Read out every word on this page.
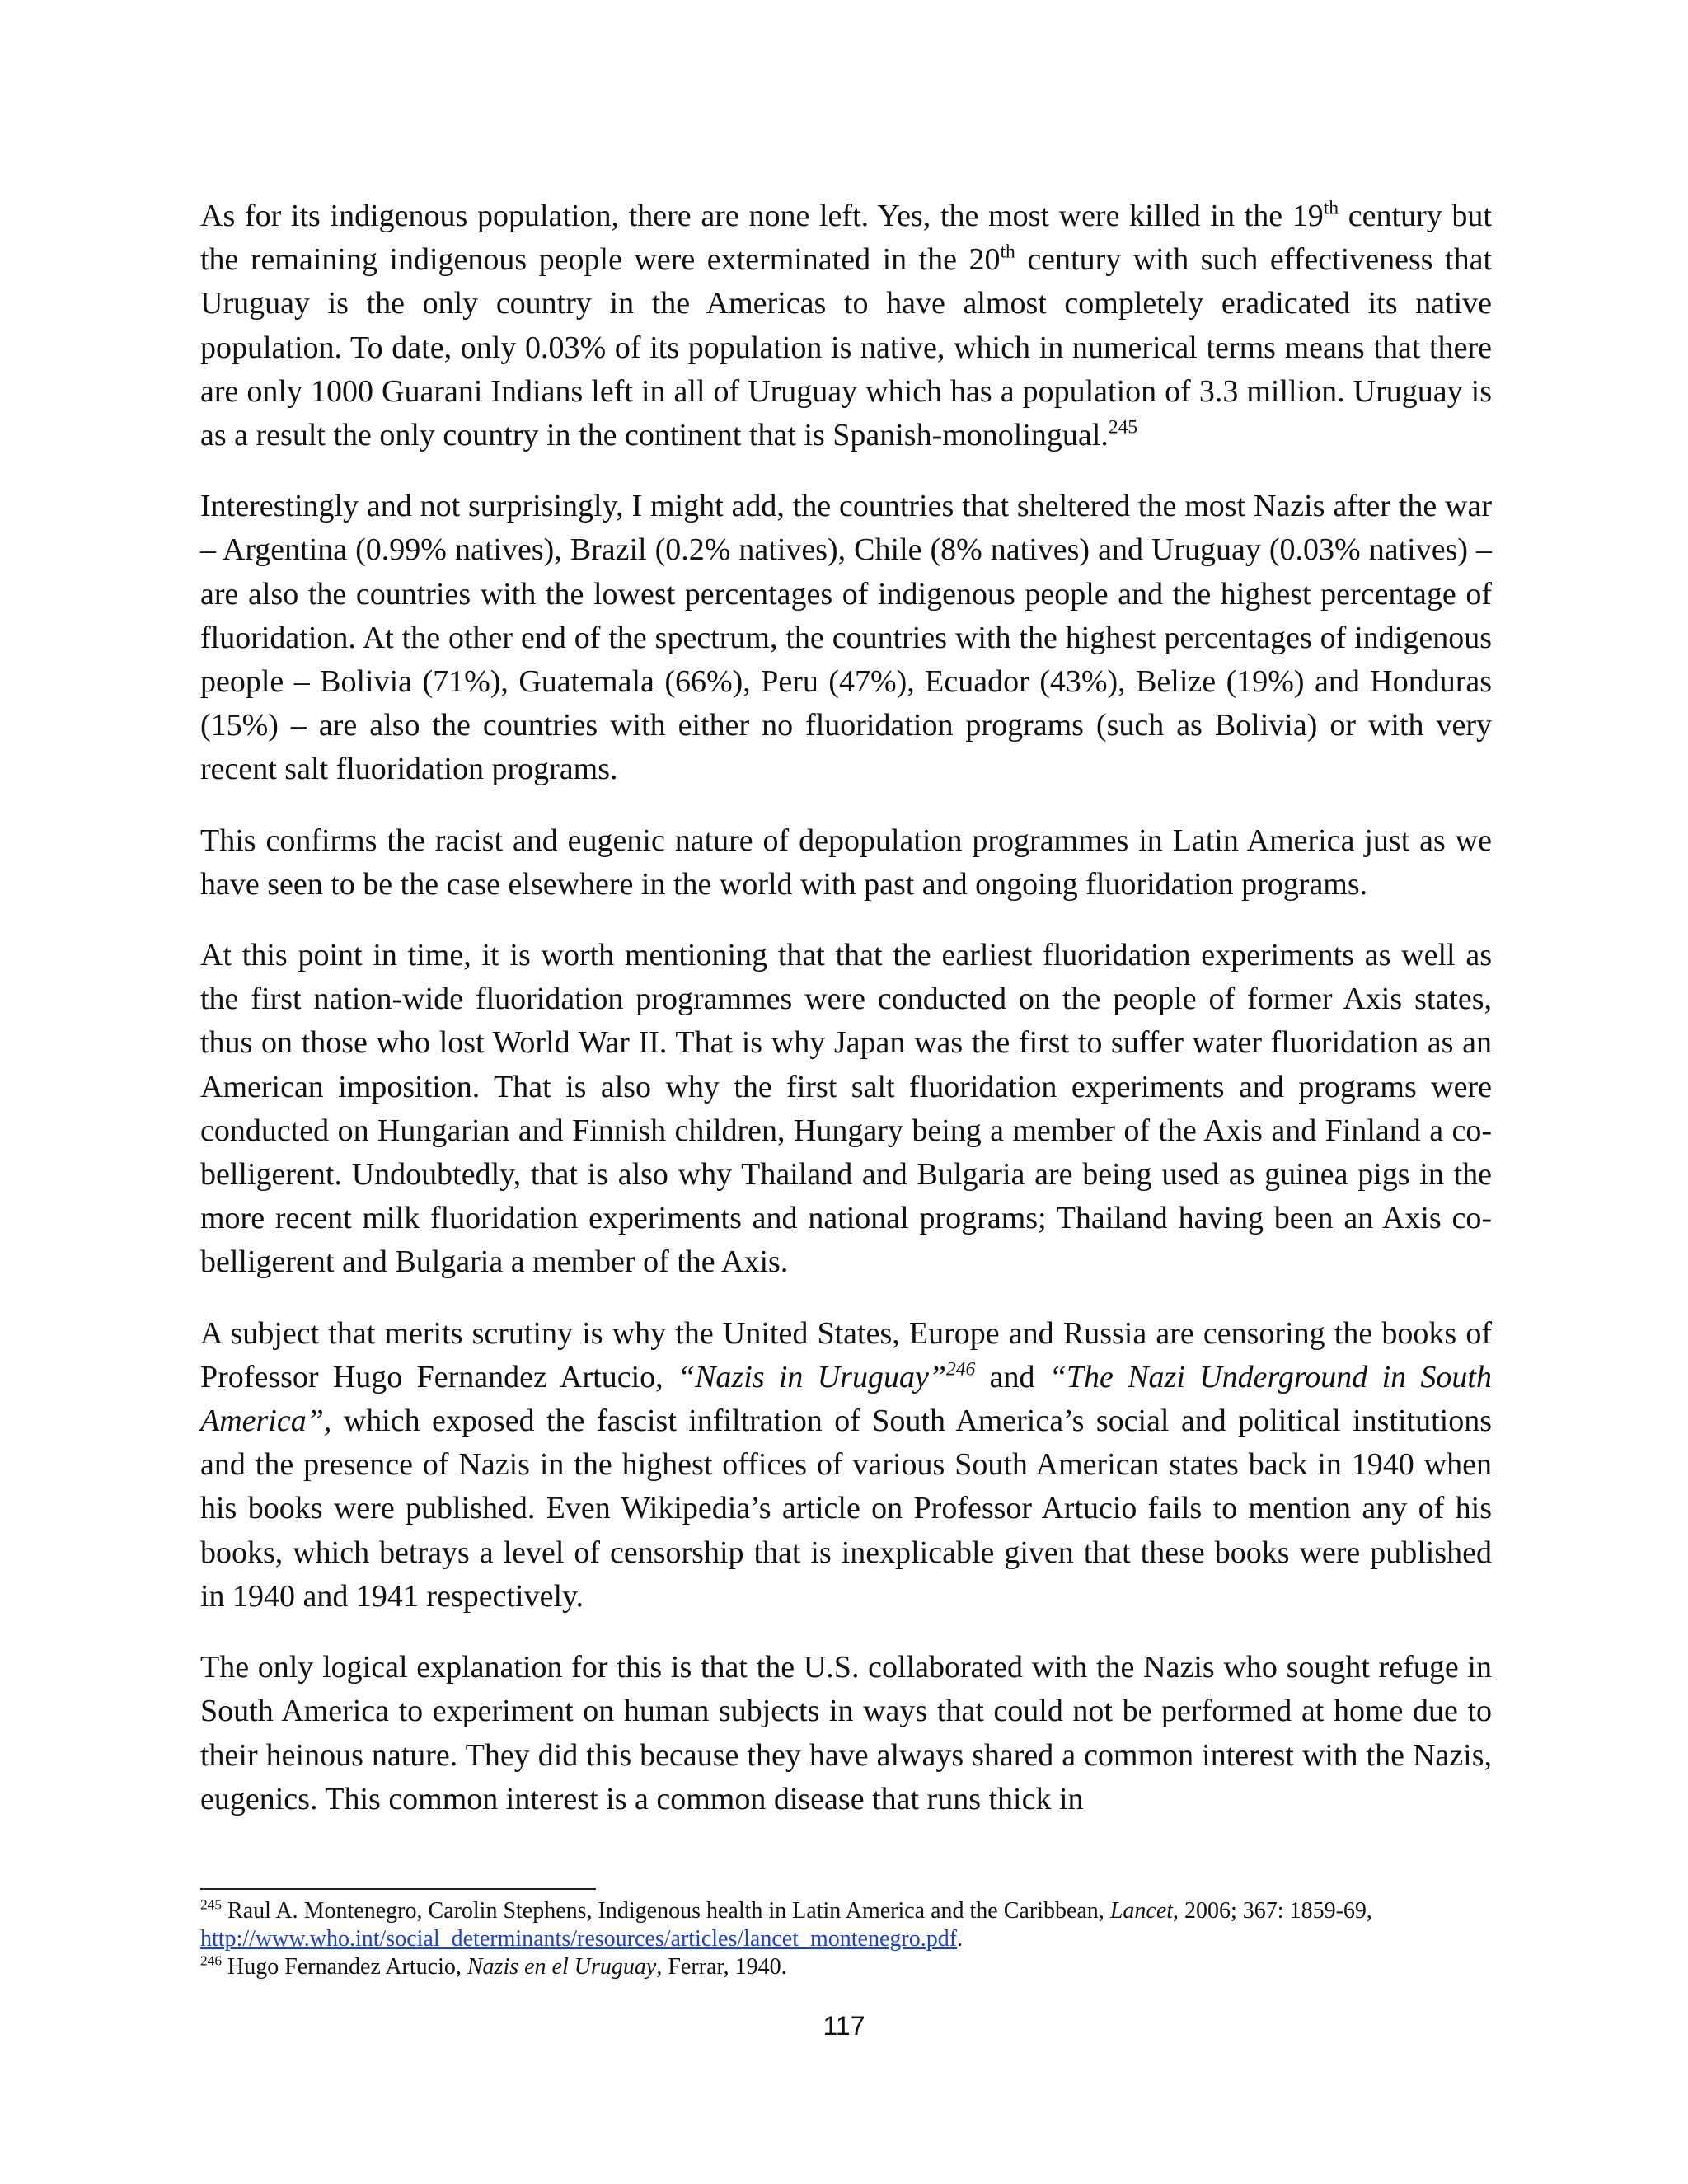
As for its indigenous population, there are none left. Yes, the most were killed in the 19th century but the remaining indigenous people were exterminated in the 20th century with such effectiveness that Uruguay is the only country in the Americas to have almost completely eradicated its native population. To date, only 0.03% of its population is native, which in numerical terms means that there are only 1000 Guarani Indians left in all of Uruguay which has a population of 3.3 million. Uruguay is as a result the only country in the continent that is Spanish-monolingual.$^{245}$

Interestingly and not surprisingly, I might add, the countries that sheltered the most Nazis after the war – Argentina (0.99% natives), Brazil (0.2% natives), Chile (8% natives) and Uruguay (0.03% natives) – are also the countries with the lowest percentages of indigenous people and the highest percentage of fluoridation. At the other end of the spectrum, the countries with the highest percentages of indigenous people – Bolivia (71%), Guatemala (66%), Peru (47%), Ecuador (43%), Belize (19%) and Honduras (15%) – are also the countries with either no fluoridation programs (such as Bolivia) or with very recent salt fluoridation programs.

This confirms the racist and eugenic nature of depopulation programmes in Latin America just as we have seen to be the case elsewhere in the world with past and ongoing fluoridation programs.

At this point in time, it is worth mentioning that that the earliest fluoridation experiments as well as the first nation-wide fluoridation programmes were conducted on the people of former Axis states, thus on those who lost World War II. That is why Japan was the first to suffer water fluoridation as an American imposition. That is also why the first salt fluoridation experiments and programs were conducted on Hungarian and Finnish children, Hungary being a member of the Axis and Finland a co-belligerent. Undoubtedly, that is also why Thailand and Bulgaria are being used as guinea pigs in the more recent milk fluoridation experiments and national programs; Thailand having been an Axis co-belligerent and Bulgaria a member of the Axis.

A subject that merits scrutiny is why the United States, Europe and Russia are censoring the books of Professor Hugo Fernandez Artucio, “Nazis in Uruguay”$^{246}$ and “The Nazi Underground in South America”, which exposed the fascist infiltration of South America’s social and political institutions and the presence of Nazis in the highest offices of various South American states back in 1940 when his books were published. Even Wikipedia’s article on Professor Artucio fails to mention any of his books, which betrays a level of censorship that is inexplicable given that these books were published in 1940 and 1941 respectively.

The only logical explanation for this is that the U.S. collaborated with the Nazis who sought refuge in South America to experiment on human subjects in ways that could not be performed at home due to their heinous nature. They did this because they have always shared a common interest with the Nazis, eugenics. This common interest is a common disease that runs thick in

$^{245}$ Raul A. Montenegro, Carolin Stephens, Indigenous health in Latin America and the Caribbean, Lancet, 2006; 367: 1859-69, http://www.who.int/social_determinants/resources/articles/lancet_montenegro.pdf.

$^{246}$ Hugo Fernandez Artucio, Nazis en el Uruguay, Ferrar, 1940.

117
